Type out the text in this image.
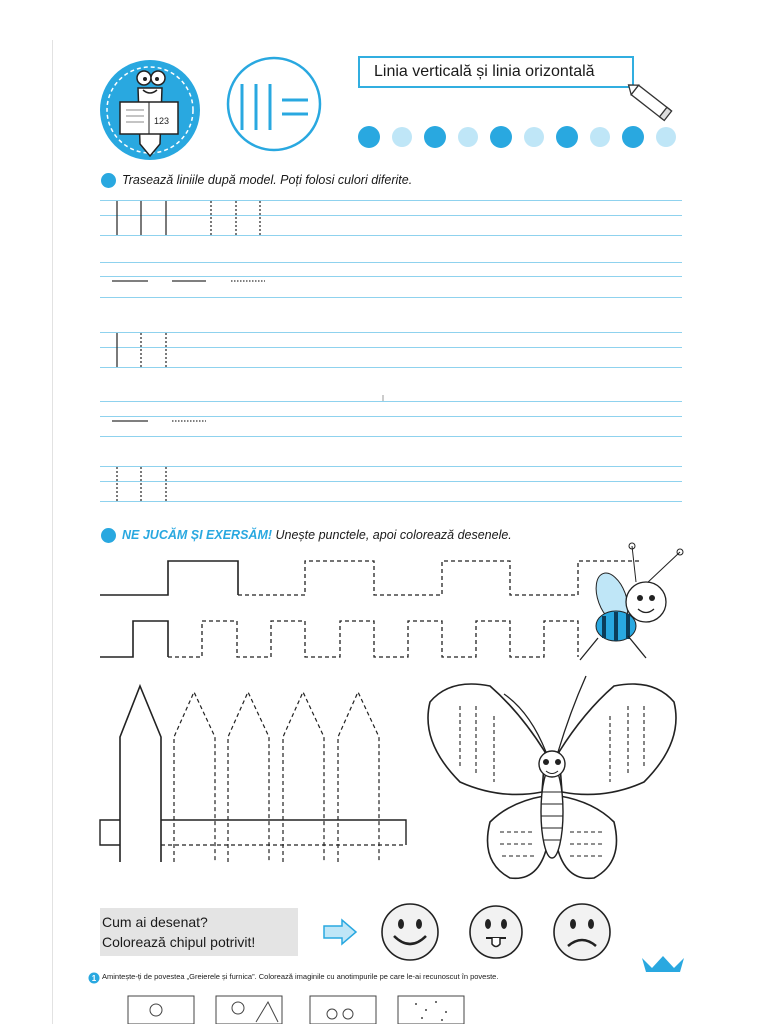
123
Linia verticală și linia orizontală
Trasează liniile după model. Poți folosi culori diferite.
NE JUCĂM ȘI EXERSĂM! Unește punctele, apoi colorează desenele.
Cum ai desenat?
Colorează chipul potrivit!
1 Amintește-ți de povestea „Greierele și furnica”. Colorează imaginile cu anotimpurile pe care le-ai recunoscut în poveste.
